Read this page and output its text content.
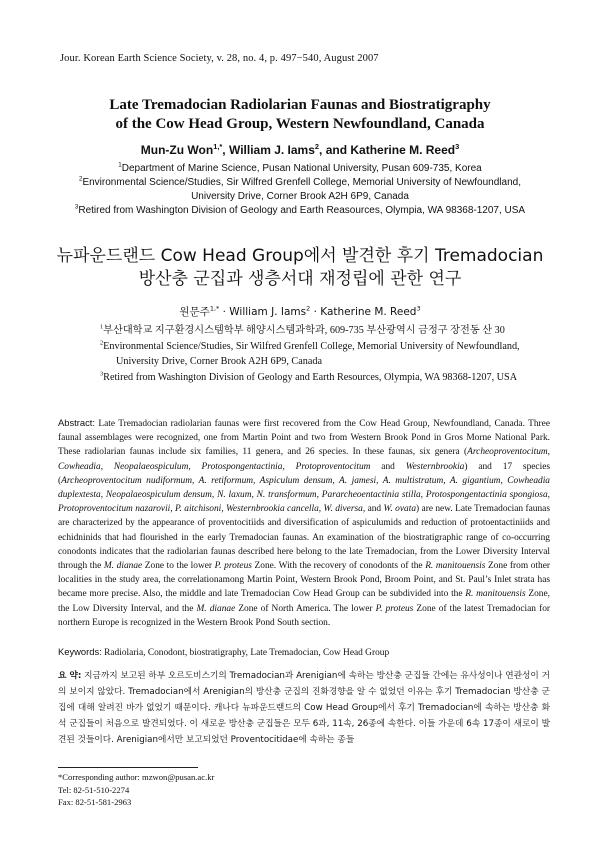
Jour. Korean Earth Science Society, v. 28, no. 4, p. 497−540, August 2007
Late Tremadocian Radiolarian Faunas and Biostratigraphy
of the Cow Head Group, Western Newfoundland, Canada
Mun-Zu Won$^{1,*}$, William J. Iams$^2$, and Katherine M. Reed$^3$
$^1$Department of Marine Science, Pusan National University, Pusan 609-735, Korea
$^2$Environmental Science/Studies, Sir Wilfred Grenfell College, Memorial University of Newfoundland,
University Drive, Corner Brook A2H 6P9, Canada
$^3$Retired from Washington Division of Geology and Earth Reasources, Olympia, WA 98368-1207, USA
뉴파운드랜드 Cow Head Group에서 발견한 후기 Tremadocian
방산충 군집과 생층서대 재정립에 관한 연구
원문주$^{1,*}$ · William J. Iams$^2$ · Katherine M. Reed$^3$
$^1$부산대학교 지구환경시스템학부 해양시스템과학과, 609-735 부산광역시 금정구 장전동 산 30
$^2$Environmental Science/Studies, Sir Wilfred Grenfell College, Memorial University of Newfoundland,
University Drive, Corner Brook A2H 6P9, Canada
$^3$Retired from Washington Division of Geology and Earth Resources, Olympia, WA 98368-1207, USA
Abstract: Late Tremadocian radiolarian faunas were first recovered from the Cow Head Group, Newfoundland, Canada. Three faunal assemblages were recognized, one from Martin Point and two from Western Brook Pond in Gros Morne National Park. These radiolarian faunas include six families, 11 genera, and 26 species. In these faunas, six genera (Archeoproventocitum, Cowheadia, Neopalaeospiculum, Protospongentactinia, Protoproventocitum and Westernbrookia) and 17 species (Archeoproventocitum nudiformum, A. retiformum, Aspiculum densum, A. jamesi, A. multistratum, A. gigantium, Cowheadia duplextesta, Neopalaeospiculum densum, N. laxum, N. transformum, Pararcheoentactinia stilla, Protospongentactinia spongiosa, Protoproventocitum nazarovii, P. aitchisoni, Westernbrookia cancella, W. diversa, and W. ovata) are new. Late Tremadocian faunas are characterized by the appearance of proventocitiids and diversification of aspiculumids and reduction of protoentactiniids and echidninids that had flourished in the early Tremadocian faunas. An examination of the biostratigraphic range of co-occurring conodonts indicates that the radiolarian faunas described here belong to the late Tremadocian, from the Lower Diversity Interval through the M. dianae Zone to the lower P. proteus Zone. With the recovery of conodonts of the R. manitouensis Zone from other localities in the study area, the correlationamong Martin Point, Western Brook Pond, Broom Point, and St. Paul’s Inlet strata has became more precise. Also, the middle and late Tremadocian Cow Head Group can be subdivided into the R. manitouensis Zone, the Low Diversity Interval, and the M. dianae Zone of North America. The lower P. proteus Zone of the latest Tremadocian for northern Europe is recognized in the Western Brook Pond South section.
Keywords: Radiolaria, Conodont, biostratigraphy, Late Tremadocian, Cow Head Group
요 약: 지금까지 보고된 하부 오르도비스기의 Tremadocian과 Arenigian에 속하는 방산충 군집들 간에는 유사성이나 연관성이 거의 보이지 않았다. Tremadocian에서 Arenigian의 방산충 군집의 진화경향을 알 수 없었던 이유는 후기 Tremadocian 방산충 군집에 대해 알려진 바가 없었기 때문이다. 캐나다 뉴파운드랜드의 Cow Head Group에서 후기 Tremadocian에 속하는 방산충 화석 군집들이 처음으로 발견되었다. 이 새로운 방산충 군집들은 모두 6과, 11속, 26종에 속한다. 이들 가운데 6속 17종이 새로이 발견된 것들이다. Arenigian에서만 보고되었던 Proventocitidae에 속하는 종들
*Corresponding author: mzwon@pusan.ac.kr
Tel: 82-51-510-2274
Fax: 82-51-581-2963
